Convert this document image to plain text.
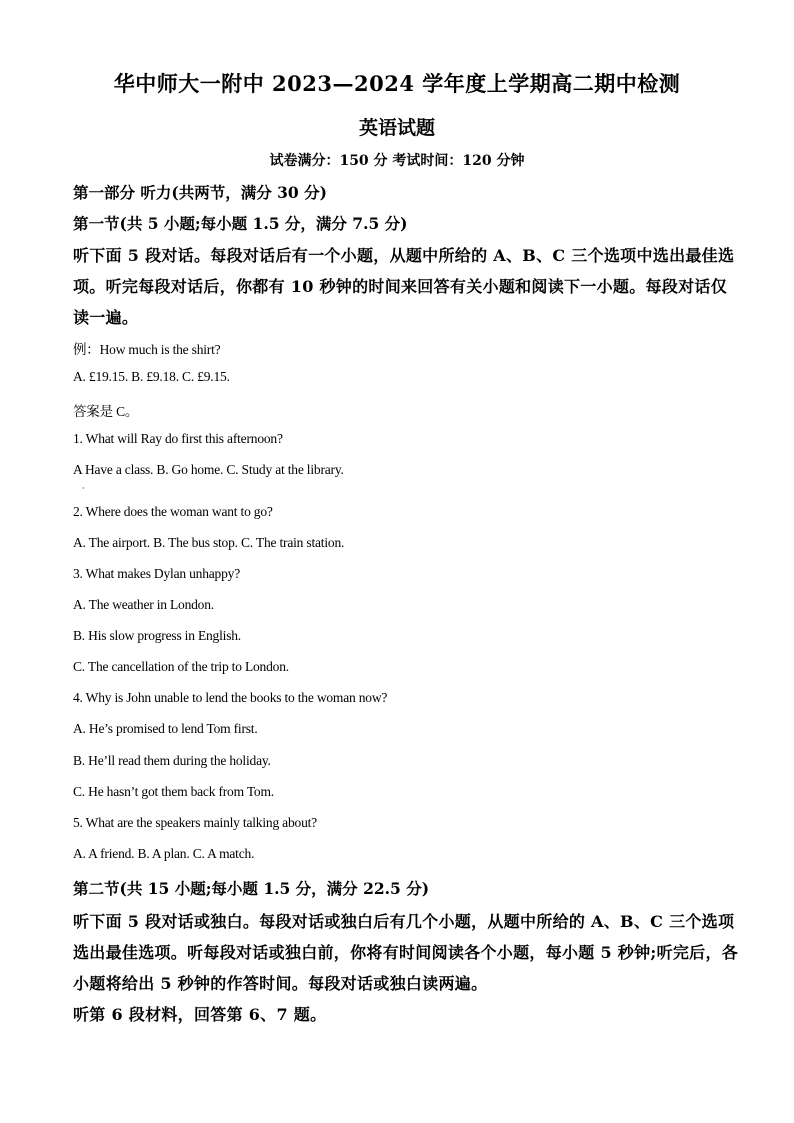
华中师大一附中 2023—2024 学年度上学期高二期中检测
英语试题
试卷满分：150 分 考试时间：120 分钟
第一部分 听力(共两节，满分 30 分)
第一节(共 5 小题;每小题 1.5 分，满分 7.5 分)
听下面 5 段对话。每段对话后有一个小题，从题中所给的 A、B、C 三个选项中选出最佳选
项。听完每段对话后，你都有 10 秒钟的时间来回答有关小题和阅读下一小题。每段对话仅
读一遍。
例：How much is the shirt?
A. £19.15. B. £9.18. C. £9.15.
答案是 C。
1. What will Ray do first this afternoon?
A Have a class. B. Go home. C. Study at the library.
·
2. Where does the woman want to go?
A. The airport. B. The bus stop. C. The train station.
3. What makes Dylan unhappy?
A. The weather in London.
B. His slow progress in English.
C. The cancellation of the trip to London.
4. Why is John unable to lend the books to the woman now?
A. He’s promised to lend Tom first.
B. He’ll read them during the holiday.
C. He hasn’t got them back from Tom.
5. What are the speakers mainly talking about?
A. A friend. B. A plan. C. A match.
第二节(共 15 小题;每小题 1.5 分，满分 22.5 分)
听下面 5 段对话或独白。每段对话或独白后有几个小题，从题中所给的 A、B、C 三个选项
选出最佳选项。听每段对话或独白前，你将有时间阅读各个小题，每小题 5 秒钟;听完后，各
小题将给出 5 秒钟的作答时间。每段对话或独白读两遍。
听第 6 段材料，回答第 6、7 题。
